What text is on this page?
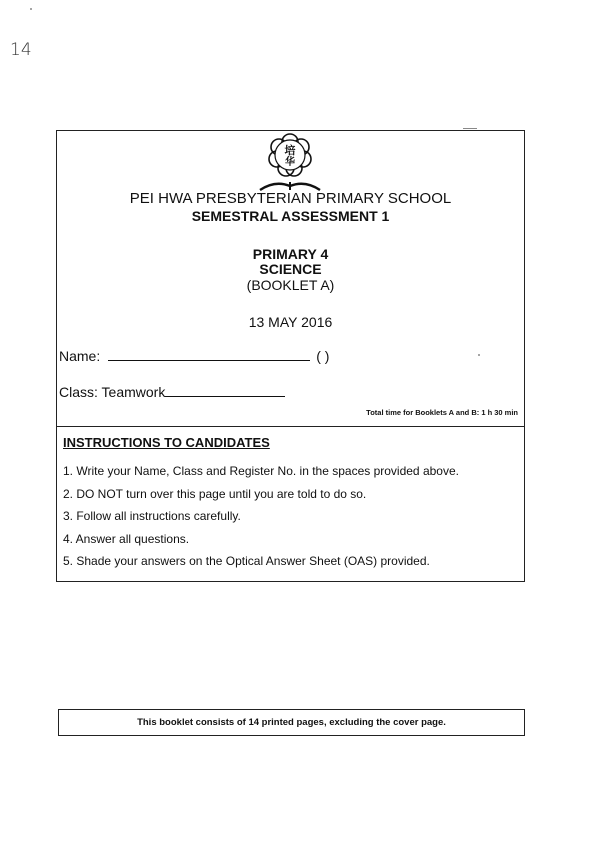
14
培
华
PEI HWA PRESBYTERIAN PRIMARY SCHOOL
SEMESTRAL ASSESSMENT 1
PRIMARY 4
SCIENCE
(BOOKLET A)
13 MAY 2016
Name:	( )
Class: Teamwork
Total time for Booklets A and B: 1 h 30 min
INSTRUCTIONS TO CANDIDATES
1. Write your Name, Class and Register No. in the spaces provided above.
2. DO NOT turn over this page until you are told to do so.
3. Follow all instructions carefully.
4. Answer all questions.
5. Shade your answers on the Optical Answer Sheet (OAS) provided.
This booklet consists of 14 printed pages, excluding the cover page.
